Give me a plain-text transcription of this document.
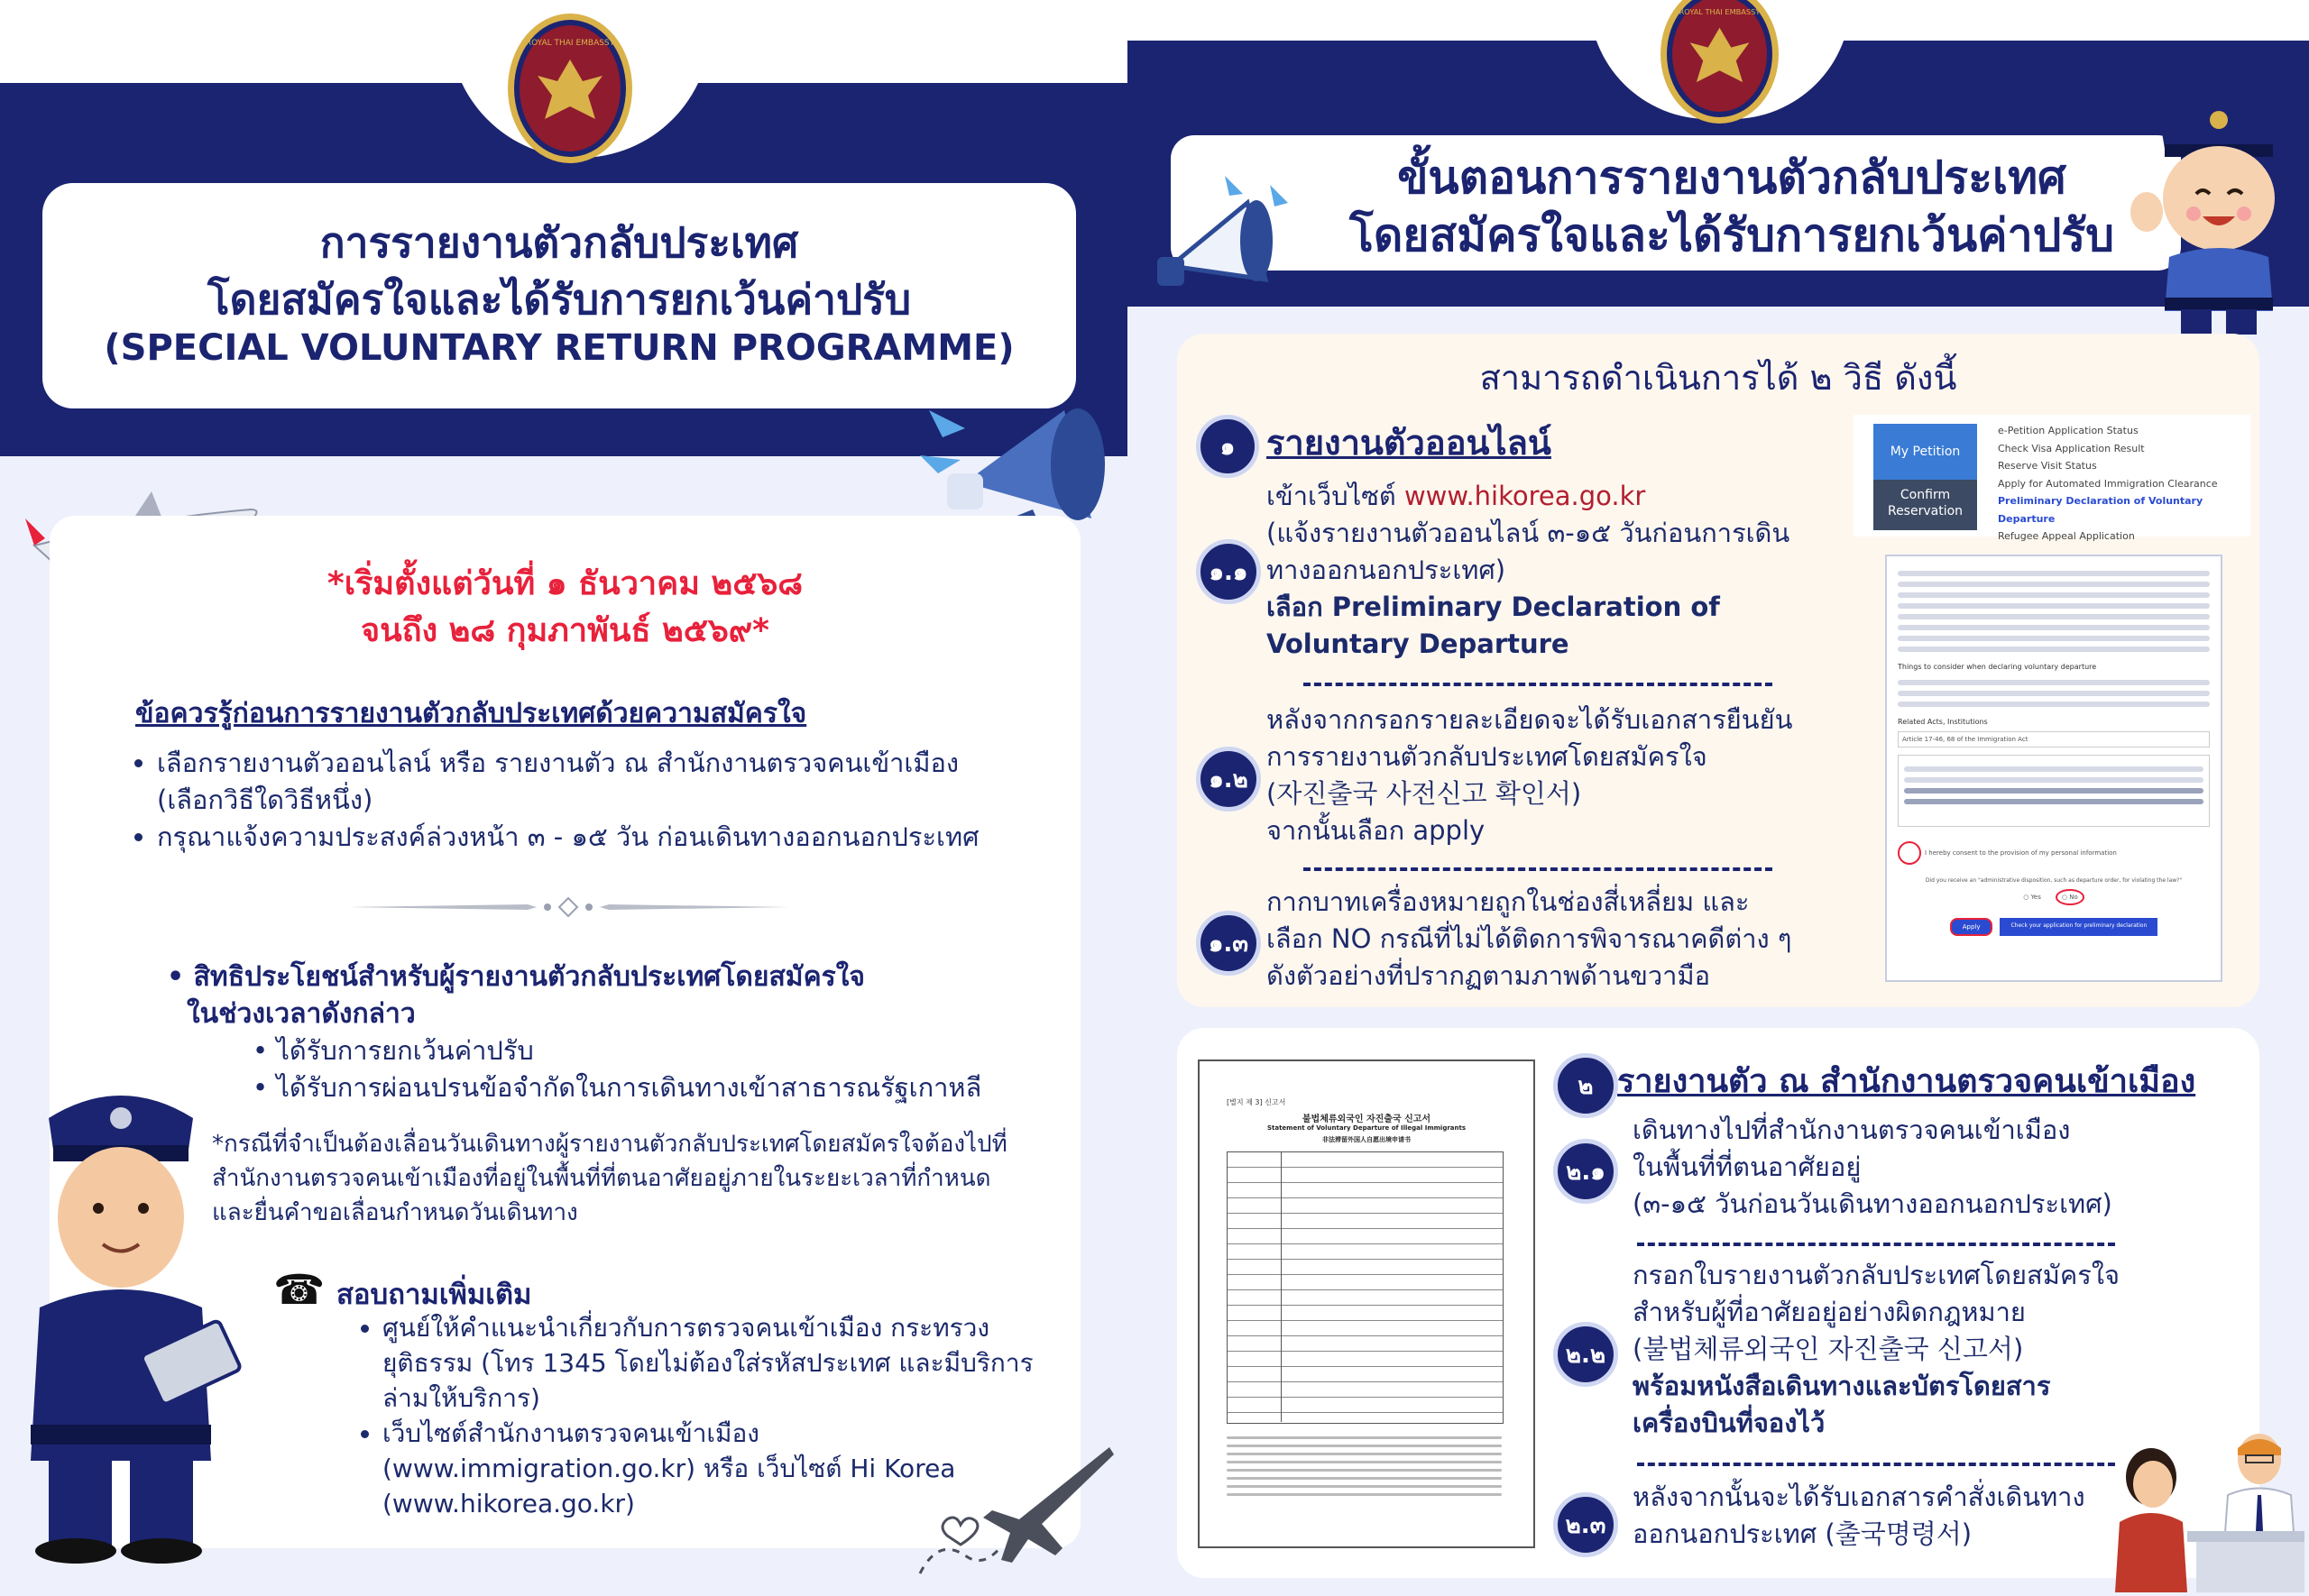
ROYAL THAI EMBASSY
การรายงานตัวกลับประเทศ
โดยสมัครใจและได้รับการยกเว้นค่าปรับ
(SPECIAL VOLUNTARY RETURN PROGRAMME)
*เริ่มตั้งแต่วันที่ ๑ ธันวาคม ๒๕๖๘
จนถึง ๒๘ กุมภาพันธ์ ๒๕๖๙*
ข้อควรรู้ก่อนการรายงานตัวกลับประเทศด้วยความสมัครใจ
• เลือกรายงานตัวออนไลน์ หรือ รายงานตัว ณ สำนักงานตรวจคนเข้าเมือง (เลือกวิธีใดวิธีหนึ่ง)
• กรุณาแจ้งความประสงค์ล่วงหน้า ๓ - ๑๕ วัน ก่อนเดินทางออกนอกประเทศ
• สิทธิประโยชน์สำหรับผู้รายงานตัวกลับประเทศโดยสมัครใจ
ในช่วงเวลาดังกล่าว
• ได้รับการยกเว้นค่าปรับ
• ได้รับการผ่อนปรนข้อจำกัดในการเดินทางเข้าสาธารณรัฐเกาหลี
*กรณีที่จำเป็นต้องเลื่อนวันเดินทางผู้รายงานตัวกลับประเทศโดยสมัครใจต้องไปที่สำนักงานตรวจคนเข้าเมืองที่อยู่ในพื้นที่ที่ตนอาศัยอยู่ภายในระยะเวลาที่กำหนด และยื่นคำขอเลื่อนกำหนดวันเดินทาง
☎ สอบถามเพิ่มเติม
• ศูนย์ให้คำแนะนำเกี่ยวกับการตรวจคนเข้าเมือง กระทรวงยุติธรรม (โทร 1345 โดยไม่ต้องใส่รหัสประเทศ และมีบริการล่ามให้บริการ)
• เว็บไซต์สำนักงานตรวจคนเข้าเมือง (www.immigration.go.kr) หรือ เว็บไซต์ Hi Korea (www.hikorea.go.kr)
ROYAL THAI EMBASSY
ขั้นตอนการรายงานตัวกลับประเทศ
โดยสมัครใจและได้รับการยกเว้นค่าปรับ
สามารถดำเนินการได้ ๒ วิธี ดังนี้
๑ รายงานตัวออนไลน์
๑.๑
เข้าเว็บไซต์ www.hikorea.go.kr
(แจ้งรายงานตัวออนไลน์ ๓-๑๕ วันก่อนการเดิน
ทางออกนอกประเทศ)
เลือก Preliminary Declaration of Voluntary Departure
๑.๒
หลังจากกรอกรายละเอียดจะได้รับเอกสารยืนยัน
การรายงานตัวกลับประเทศโดยสมัครใจ
(자진출국 사전신고 확인서)
จากนั้นเลือก apply
๑.๓
กากบาทเครื่องหมายถูกในช่องสี่เหลี่ยม และ
เลือก NO กรณีที่ไม่ได้ติดการพิจารณาคดีต่าง ๆ
ดังตัวอย่างที่ปรากฏตามภาพด้านขวามือ
My Petition
Confirm
Reservation
e-Petition Application Status
Check Visa Application Result
Reserve Visit Status
Apply for Automated Immigration Clearance
Preliminary Declaration of Voluntary Departure
Refugee Appeal Application
Things to consider when declaring voluntary departure
Related Acts, Institutions
Article 17-46, 68 of the Immigration Act
I hereby consent to the provision of my personal information
Did you receive an "administrative disposition, such as departure order, for violating the law?"
○ Yes	○ No
Apply	Check your application for preliminary declaration
[별지 제 3] 신고서
불법체류외국인 자진출국 신고서
Statement of Voluntary Departure of Illegal Immigrants
非法滞留外国人自愿出境申请书
๒ รายงานตัว ณ สำนักงานตรวจคนเข้าเมือง
๒.๑
เดินทางไปที่สำนักงานตรวจคนเข้าเมือง
ในพื้นที่ที่ตนอาศัยอยู่
(๓-๑๕ วันก่อนวันเดินทางออกนอกประเทศ)
๒.๒
กรอกใบรายงานตัวกลับประเทศโดยสมัครใจ
สำหรับผู้ที่อาศัยอยู่อย่างผิดกฎหมาย
(불법체류외국인 자진출국 신고서)
พร้อมหนังสือเดินทางและบัตรโดยสาร
เครื่องบินที่จองไว้
๒.๓
หลังจากนั้นจะได้รับเอกสารคำสั่งเดินทาง
ออกนอกประเทศ (출국명령서)
